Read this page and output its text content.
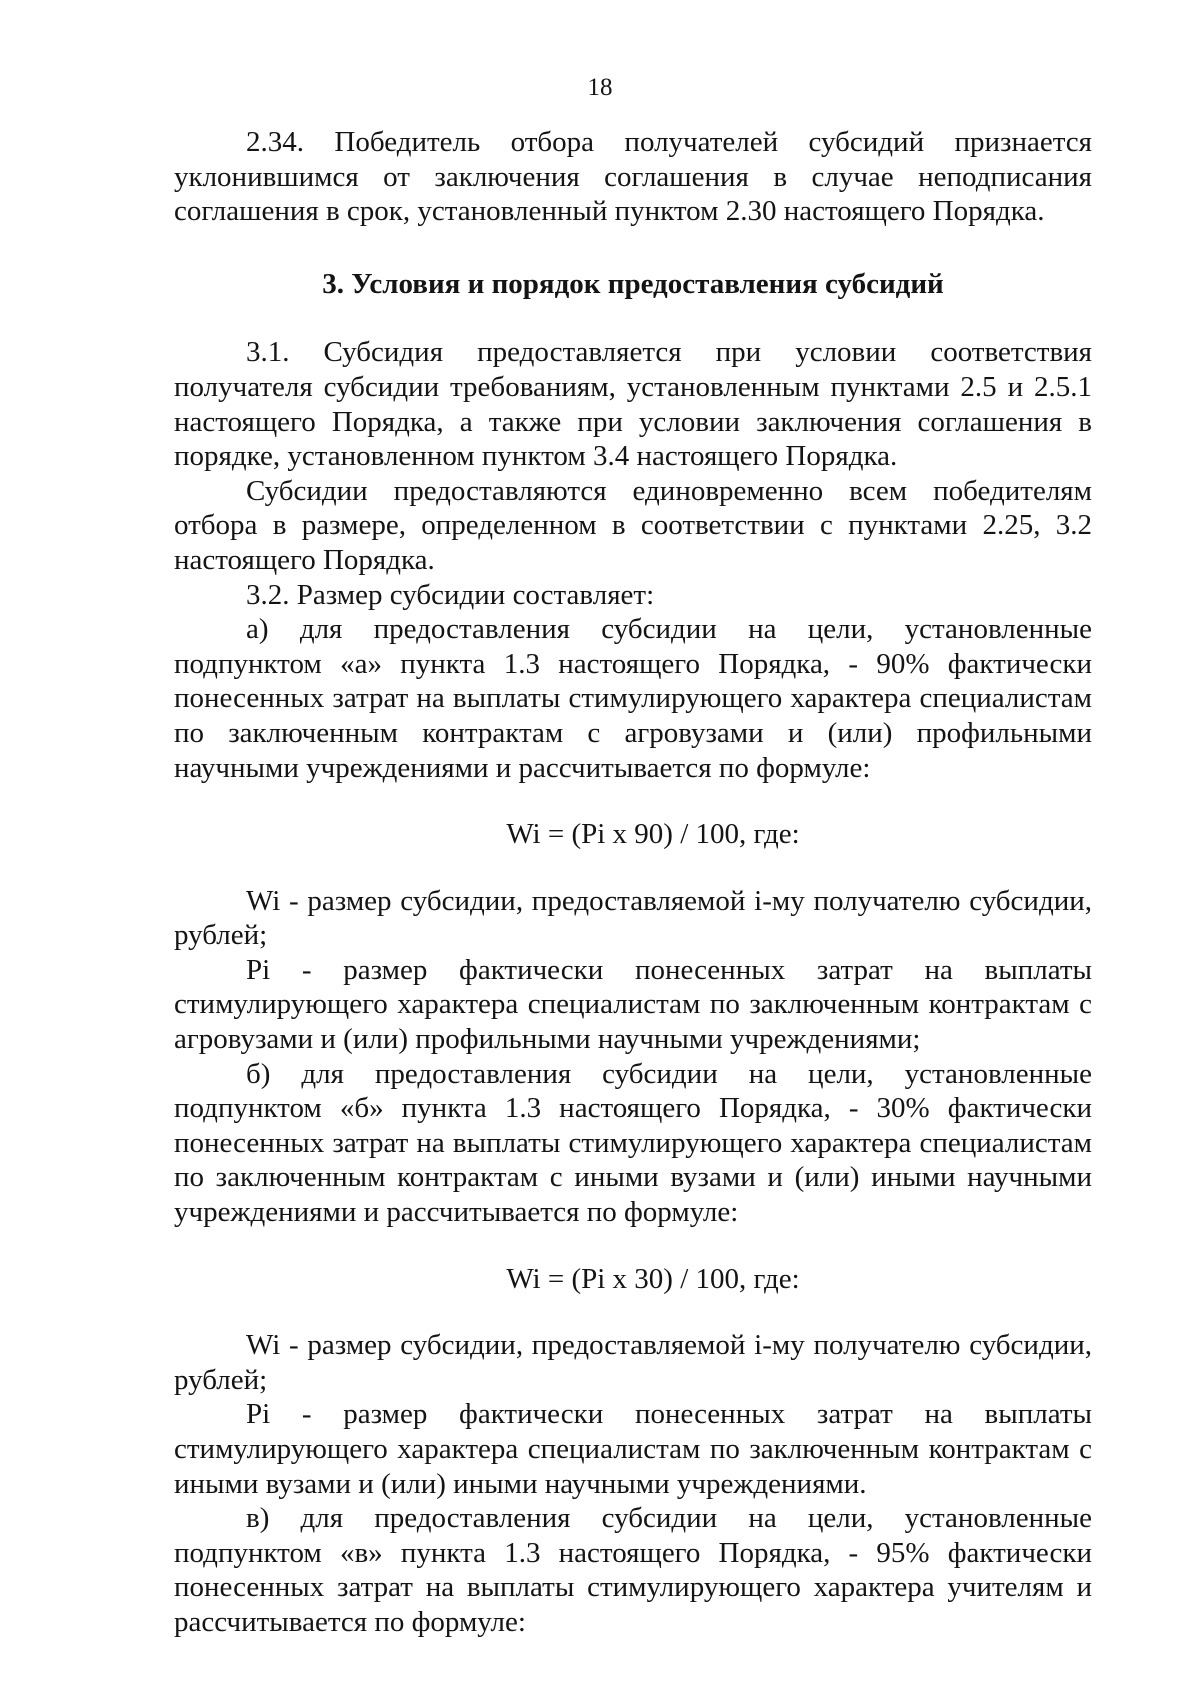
18

2.34. Победитель отбора получателей субсидий признается уклонившимся от заключения соглашения в случае неподписания соглашения в срок, установленный пунктом 2.30 настоящего Порядка.

3. Условия и порядок предоставления субсидий

3.1. Субсидия предоставляется при условии соответствия получателя субсидии требованиям, установленным пунктами 2.5 и 2.5.1 настоящего Порядка, а также при условии заключения соглашения в порядке, установленном пунктом 3.4 настоящего Порядка.

Субсидии предоставляются единовременно всем победителям отбора в размере, определенном в соответствии с пунктами 2.25, 3.2 настоящего Порядка.

3.2. Размер субсидии составляет:

а) для предоставления субсидии на цели, установленные подпунктом «а» пункта 1.3 настоящего Порядка, - 90% фактически понесенных затрат на выплаты стимулирующего характера специалистам по заключенным контрактам с агровузами и (или) профильными научными учреждениями и рассчитывается по формуле:

Wi = (Pi x 90) / 100, где:

Wi - размер субсидии, предоставляемой i-му получателю субсидии, рублей;

Pi - размер фактически понесенных затрат на выплаты стимулирующего характера специалистам по заключенным контрактам с агровузами и (или) профильными научными учреждениями;

б) для предоставления субсидии на цели, установленные подпунктом «б» пункта 1.3 настоящего Порядка, - 30% фактически понесенных затрат на выплаты стимулирующего характера специалистам по заключенным контрактам с иными вузами и (или) иными научными учреждениями и рассчитывается по формуле:

Wi = (Pi x 30) / 100, где:

Wi - размер субсидии, предоставляемой i-му получателю субсидии, рублей;

Pi - размер фактически понесенных затрат на выплаты стимулирующего характера специалистам по заключенным контрактам с иными вузами и (или) иными научными учреждениями.

в) для предоставления субсидии на цели, установленные подпунктом «в» пункта 1.3 настоящего Порядка, - 95% фактически понесенных затрат на выплаты стимулирующего характера учителям и рассчитывается по формуле:
